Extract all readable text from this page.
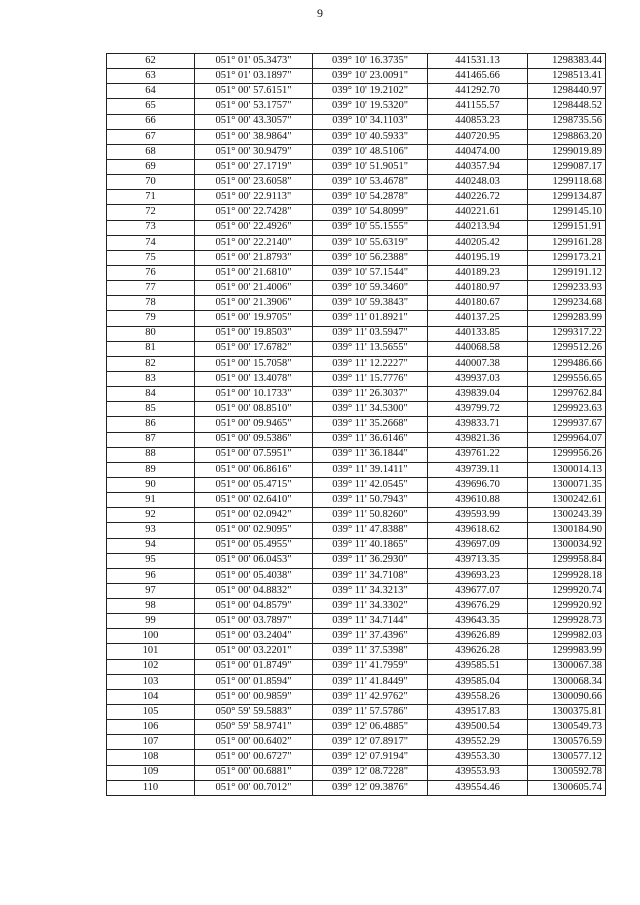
9
62	051° 01' 05.3473"	039° 10' 16.3735"	441531.13	1298383.44
63	051° 01' 03.1897"	039° 10' 23.0091"	441465.66	1298513.41
64	051° 00' 57.6151"	039° 10' 19.2102"	441292.70	1298440.97
65	051° 00' 53.1757"	039° 10' 19.5320"	441155.57	1298448.52
66	051° 00' 43.3057"	039° 10' 34.1103"	440853.23	1298735.56
67	051° 00' 38.9864"	039° 10' 40.5933"	440720.95	1298863.20
68	051° 00' 30.9479"	039° 10' 48.5106"	440474.00	1299019.89
69	051° 00' 27.1719"	039° 10' 51.9051"	440357.94	1299087.17
70	051° 00' 23.6058"	039° 10' 53.4678"	440248.03	1299118.68
71	051° 00' 22.9113"	039° 10' 54.2878"	440226.72	1299134.87
72	051° 00' 22.7428"	039° 10' 54.8099"	440221.61	1299145.10
73	051° 00' 22.4926"	039° 10' 55.1555"	440213.94	1299151.91
74	051° 00' 22.2140"	039° 10' 55.6319"	440205.42	1299161.28
75	051° 00' 21.8793"	039° 10' 56.2388"	440195.19	1299173.21
76	051° 00' 21.6810"	039° 10' 57.1544"	440189.23	1299191.12
77	051° 00' 21.4006"	039° 10' 59.3460"	440180.97	1299233.93
78	051° 00' 21.3906"	039° 10' 59.3843"	440180.67	1299234.68
79	051° 00' 19.9705"	039° 11' 01.8921"	440137.25	1299283.99
80	051° 00' 19.8503"	039° 11' 03.5947"	440133.85	1299317.22
81	051° 00' 17.6782"	039° 11' 13.5655"	440068.58	1299512.26
82	051° 00' 15.7058"	039° 11' 12.2227"	440007.38	1299486.66
83	051° 00' 13.4078"	039° 11' 15.7776"	439937.03	1299556.65
84	051° 00' 10.1733"	039° 11' 26.3037"	439839.04	1299762.84
85	051° 00' 08.8510"	039° 11' 34.5300"	439799.72	1299923.63
86	051° 00' 09.9465"	039° 11' 35.2668"	439833.71	1299937.67
87	051° 00' 09.5386"	039° 11' 36.6146"	439821.36	1299964.07
88	051° 00' 07.5951"	039° 11' 36.1844"	439761.22	1299956.26
89	051° 00' 06.8616"	039° 11' 39.1411"	439739.11	1300014.13
90	051° 00' 05.4715"	039° 11' 42.0545"	439696.70	1300071.35
91	051° 00' 02.6410"	039° 11' 50.7943"	439610.88	1300242.61
92	051° 00' 02.0942"	039° 11' 50.8260"	439593.99	1300243.39
93	051° 00' 02.9095"	039° 11' 47.8388"	439618.62	1300184.90
94	051° 00' 05.4955"	039° 11' 40.1865"	439697.09	1300034.92
95	051° 00' 06.0453"	039° 11' 36.2930"	439713.35	1299958.84
96	051° 00' 05.4038"	039° 11' 34.7108"	439693.23	1299928.18
97	051° 00' 04.8832"	039° 11' 34.3213"	439677.07	1299920.74
98	051° 00' 04.8579"	039° 11' 34.3302"	439676.29	1299920.92
99	051° 00' 03.7897"	039° 11' 34.7144"	439643.35	1299928.73
100	051° 00' 03.2404"	039° 11' 37.4396"	439626.89	1299982.03
101	051° 00' 03.2201"	039° 11' 37.5398"	439626.28	1299983.99
102	051° 00' 01.8749"	039° 11' 41.7959"	439585.51	1300067.38
103	051° 00' 01.8594"	039° 11' 41.8449"	439585.04	1300068.34
104	051° 00' 00.9859"	039° 11' 42.9762"	439558.26	1300090.66
105	050° 59' 59.5883"	039° 11' 57.5786"	439517.83	1300375.81
106	050° 59' 58.9741"	039° 12' 06.4885"	439500.54	1300549.73
107	051° 00' 00.6402"	039° 12' 07.8917"	439552.29	1300576.59
108	051° 00' 00.6727"	039° 12' 07.9194"	439553.30	1300577.12
109	051° 00' 00.6881"	039° 12' 08.7228"	439553.93	1300592.78
110	051° 00' 00.7012"	039° 12' 09.3876"	439554.46	1300605.74
